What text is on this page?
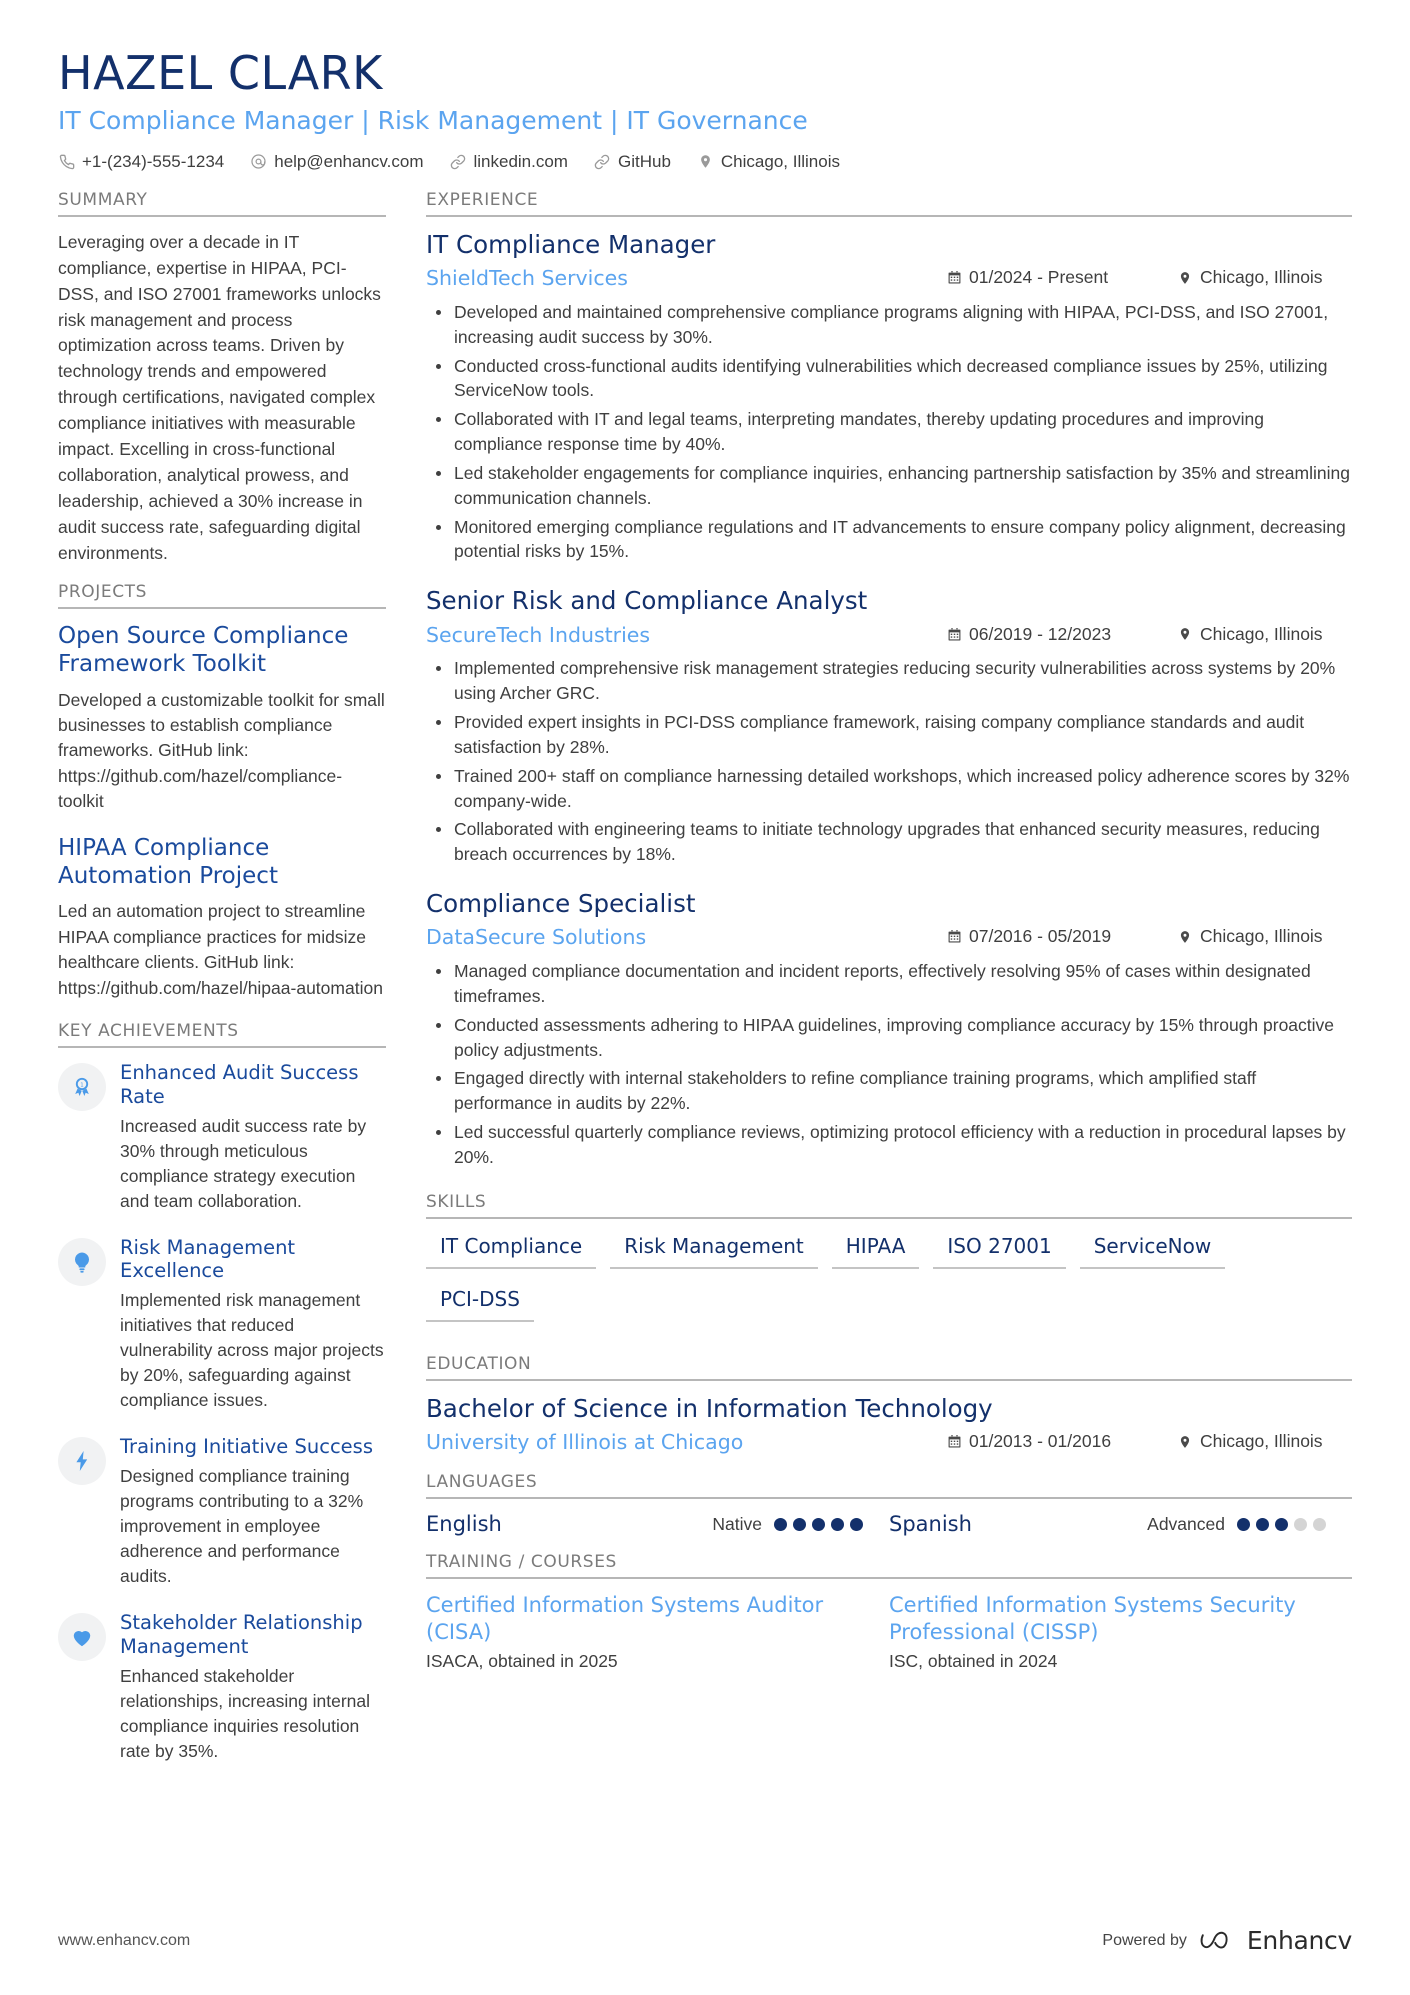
HAZEL CLARK
IT Compliance Manager | Risk Management | IT Governance
+1-(234)-555-1234	help@enhancv.com	linkedin.com	GitHub	Chicago, Illinois
SUMMARY
Leveraging over a decade in IT compliance, expertise in HIPAA, PCI-DSS, and ISO 27001 frameworks unlocks risk management and process optimization across teams. Driven by technology trends and empowered through certifications, navigated complex compliance initiatives with measurable impact. Excelling in cross-functional collaboration, analytical prowess, and leadership, achieved a 30% increase in audit success rate, safeguarding digital environments.
PROJECTS
Open Source Compliance Framework Toolkit
Developed a customizable toolkit for small businesses to establish compliance frameworks. GitHub link: https://github.com/hazel/compliance-toolkit
HIPAA Compliance Automation Project
Led an automation project to streamline HIPAA compliance practices for midsize healthcare clients. GitHub link: https://github.com/hazel/hipaa-automation
KEY ACHIEVEMENTS
1
Enhanced Audit Success Rate
Increased audit success rate by 30% through meticulous compliance strategy execution and team collaboration.
Risk Management Excellence
Implemented risk management initiatives that reduced vulnerability across major projects by 20%, safeguarding against compliance issues.
Training Initiative Success
Designed compliance training programs contributing to a 32% improvement in employee adherence and performance audits.
Stakeholder Relationship Management
Enhanced stakeholder relationships, increasing internal compliance inquiries resolution rate by 35%.
EXPERIENCE
IT Compliance Manager
ShieldTech Services	01/2024 - Present	Chicago, Illinois
Developed and maintained comprehensive compliance programs aligning with HIPAA, PCI-DSS, and ISO 27001, increasing audit success by 30%.
Conducted cross-functional audits identifying vulnerabilities which decreased compliance issues by 25%, utilizing ServiceNow tools.
Collaborated with IT and legal teams, interpreting mandates, thereby updating procedures and improving compliance response time by 40%.
Led stakeholder engagements for compliance inquiries, enhancing partnership satisfaction by 35% and streamlining communication channels.
Monitored emerging compliance regulations and IT advancements to ensure company policy alignment, decreasing potential risks by 15%.
Senior Risk and Compliance Analyst
SecureTech Industries	06/2019 - 12/2023	Chicago, Illinois
Implemented comprehensive risk management strategies reducing security vulnerabilities across systems by 20% using Archer GRC.
Provided expert insights in PCI-DSS compliance framework, raising company compliance standards and audit satisfaction by 28%.
Trained 200+ staff on compliance harnessing detailed workshops, which increased policy adherence scores by 32% company-wide.
Collaborated with engineering teams to initiate technology upgrades that enhanced security measures, reducing breach occurrences by 18%.
Compliance Specialist
DataSecure Solutions	07/2016 - 05/2019	Chicago, Illinois
Managed compliance documentation and incident reports, effectively resolving 95% of cases within designated timeframes.
Conducted assessments adhering to HIPAA guidelines, improving compliance accuracy by 15% through proactive policy adjustments.
Engaged directly with internal stakeholders to refine compliance training programs, which amplified staff performance in audits by 22%.
Led successful quarterly compliance reviews, optimizing protocol efficiency with a reduction in procedural lapses by 20%.
SKILLS
IT Compliance	Risk Management	HIPAA	ISO 27001	ServiceNow
PCI-DSS
EDUCATION
Bachelor of Science in Information Technology
University of Illinois at Chicago	01/2013 - 01/2016	Chicago, Illinois
LANGUAGES
English	Native	Spanish	Advanced
TRAINING / COURSES
Certified Information Systems Auditor (CISA)
ISACA, obtained in 2025
Certified Information Systems Security Professional (CISSP)
ISC, obtained in 2024
www.enhancv.com	Powered by Enhancv
